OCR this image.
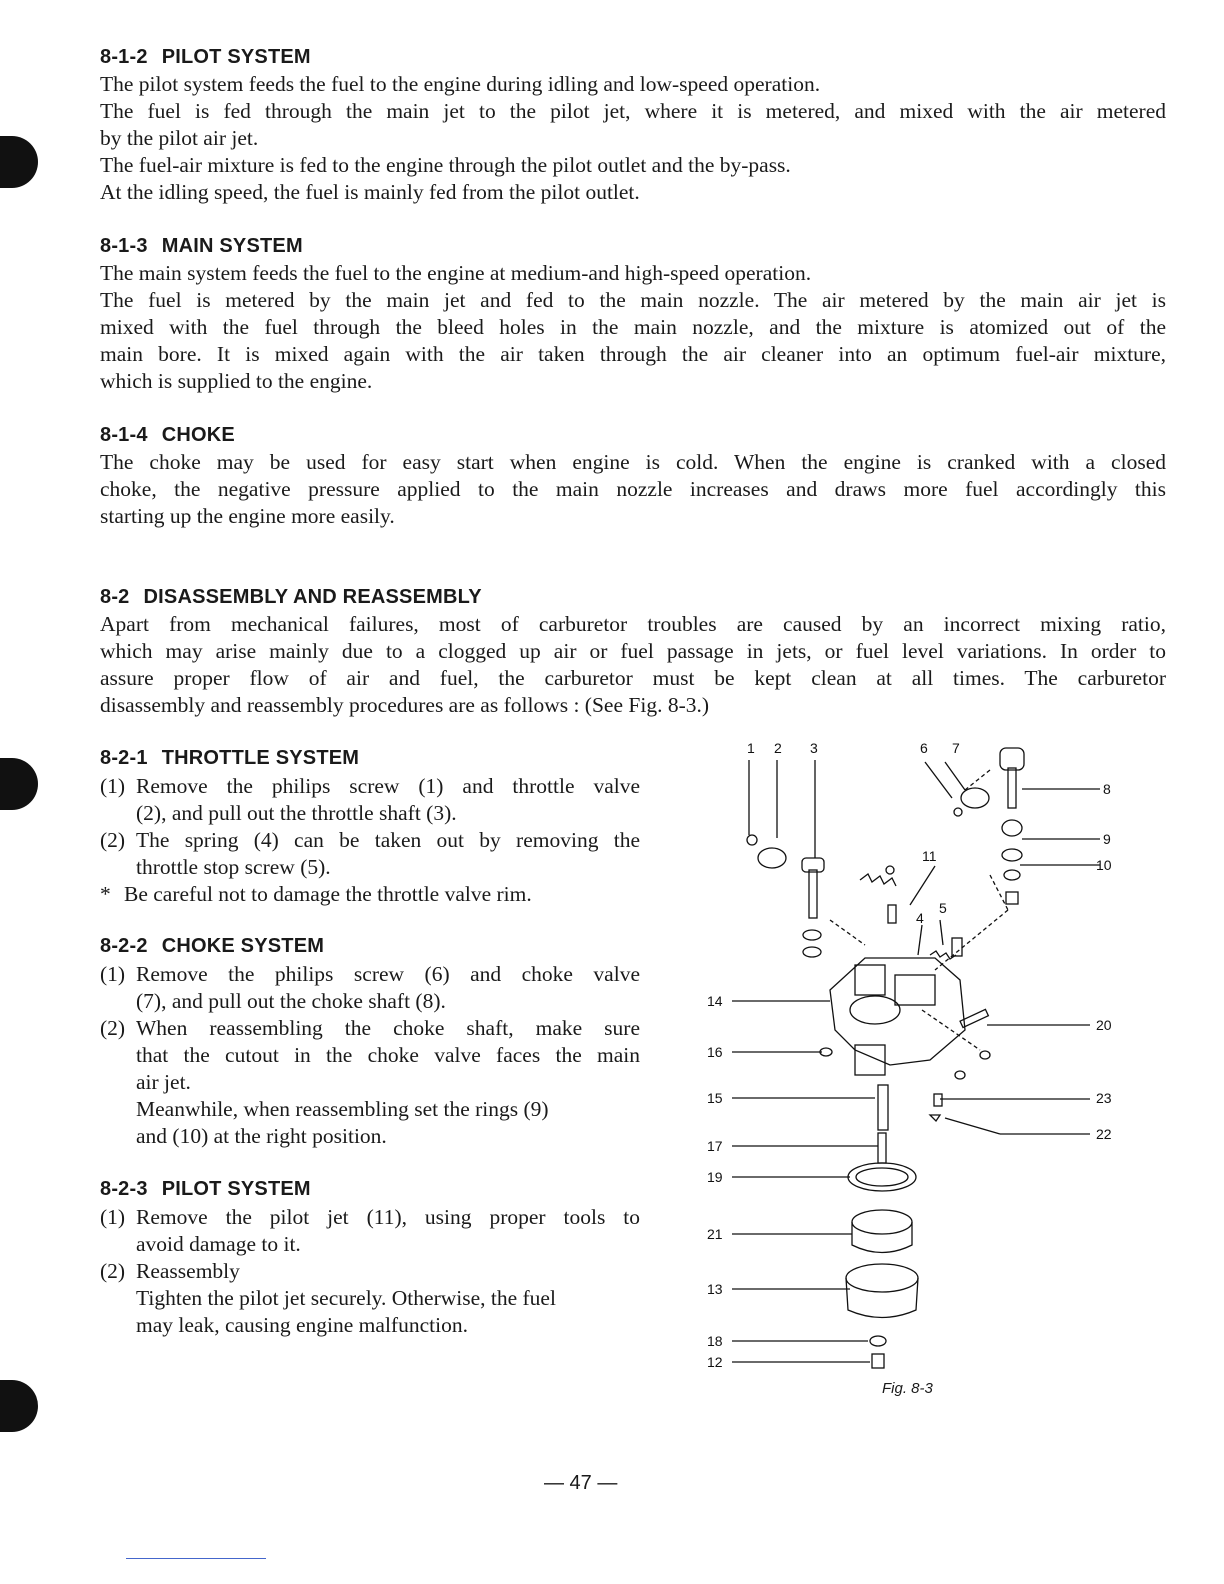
8-1-2 PILOT SYSTEM
The pilot system feeds the fuel to the engine during idling and low-speed operation.
The fuel is fed through the main jet to the pilot jet, where it is metered, and mixed with the air metered
by the pilot air jet.
The fuel-air mixture is fed to the engine through the pilot outlet and the by-pass.
At the idling speed, the fuel is mainly fed from the pilot outlet.
8-1-3 MAIN SYSTEM
The main system feeds the fuel to the engine at medium-and high-speed operation.
The fuel is metered by the main jet and fed to the main nozzle. The air metered by the main air jet is
mixed with the fuel through the bleed holes in the main nozzle, and the mixture is atomized out of the
main bore. It is mixed again with the air taken through the air cleaner into an optimum fuel-air mixture,
which is supplied to the engine.
8-1-4 CHOKE
The choke may be used for easy start when engine is cold. When the engine is cranked with a closed
choke, the negative pressure applied to the main nozzle increases and draws more fuel accordingly this
starting up the engine more easily.
8-2 DISASSEMBLY AND REASSEMBLY
Apart from mechanical failures, most of carburetor troubles are caused by an incorrect mixing ratio,
which may arise mainly due to a clogged up air or fuel passage in jets, or fuel level variations. In order to
assure proper flow of air and fuel, the carburetor must be kept clean at all times. The carburetor
disassembly and reassembly procedures are as follows : (See Fig. 8-3.)
8-2-1 THROTTLE SYSTEM
(1) Remove the philips screw (1) and throttle valve
(2), and pull out the throttle shaft (3).
(2) The spring (4) can be taken out by removing the
throttle stop screw (5).
* Be careful not to damage the throttle valve rim.
8-2-2 CHOKE SYSTEM
(1) Remove the philips screw (6) and choke valve
(7), and pull out the choke shaft (8).
(2) When reassembling the choke shaft, make sure
that the cutout in the choke valve faces the main
air jet.
Meanwhile, when reassembling set the rings (9)
and (10) at the right position.
8-2-3 PILOT SYSTEM
(1) Remove the pilot jet (11), using proper tools to
avoid damage to it.
(2) Reassembly
Tighten the pilot jet securely. Otherwise, the fuel
may leak, causing engine malfunction.
1 2 3	6 7
8
9
10
11
4
5
14
20
16
15	23
22
17
19
21
13
18
12
Fig. 8-3
— 47 —
